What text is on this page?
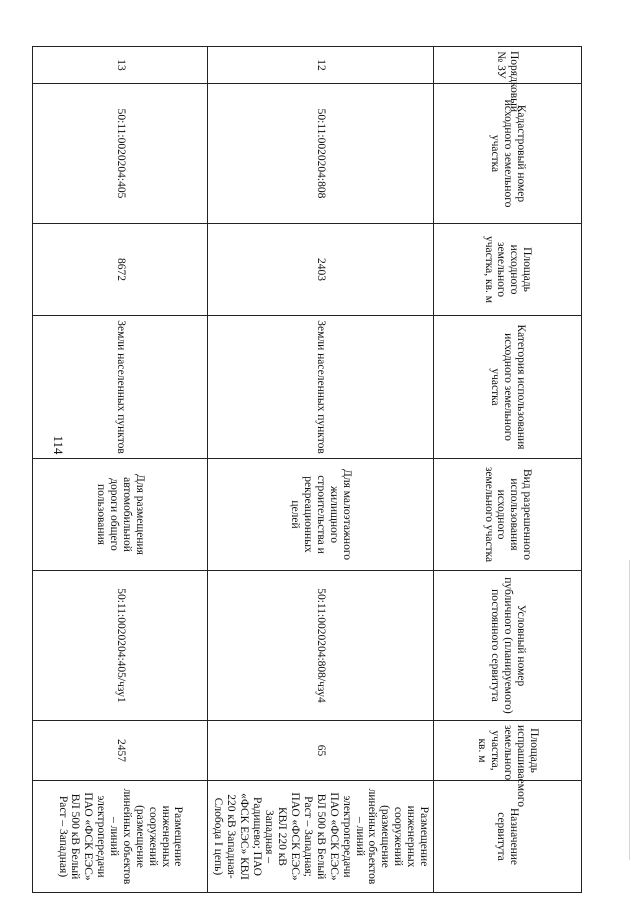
114
Порядковый № ЗУ	Кадастровый номер исходного земельного участка	Площадь исходного земельного участка, кв. м	Категория использования исходного земельного участка	Вид разрешенного использования исходного земельного участка	Условный номер публичного (планируемого) постоянного сервитута	Площадь испрашиваемого земельного участка, кв. м	Назначение сервитута
12	50:11:0020204:808	2403	Земли населенных пунктов	Для малоэтажного жилищного строительства и рекреационных целей	50:11:0020204:808/чзу4	65	Размещение инженерных сооружений (размещение линейных объектов – линий электропередачи ПАО «ФСК ЕЭС» ВЛ 500 кВ Белый Раст – Западная; ПАО «ФСК ЕЭС» КВЛ 220 кВ Западная – Радищево; ПАО «ФСК ЕЭС» КВЛ 220 кВ Западная-Слобода I цепь)
13	50:11:0020204:405	8672	Земли населенных пунктов	Для размещения автомобильной дороги общего пользования	50:11:0020204:405/чзу1	2457	Размещение инженерных сооружений (размещение линейных объектов – линий электропередачи ПАО «ФСК ЕЭС» ВЛ 500 кВ Белый Раст – Западная)
